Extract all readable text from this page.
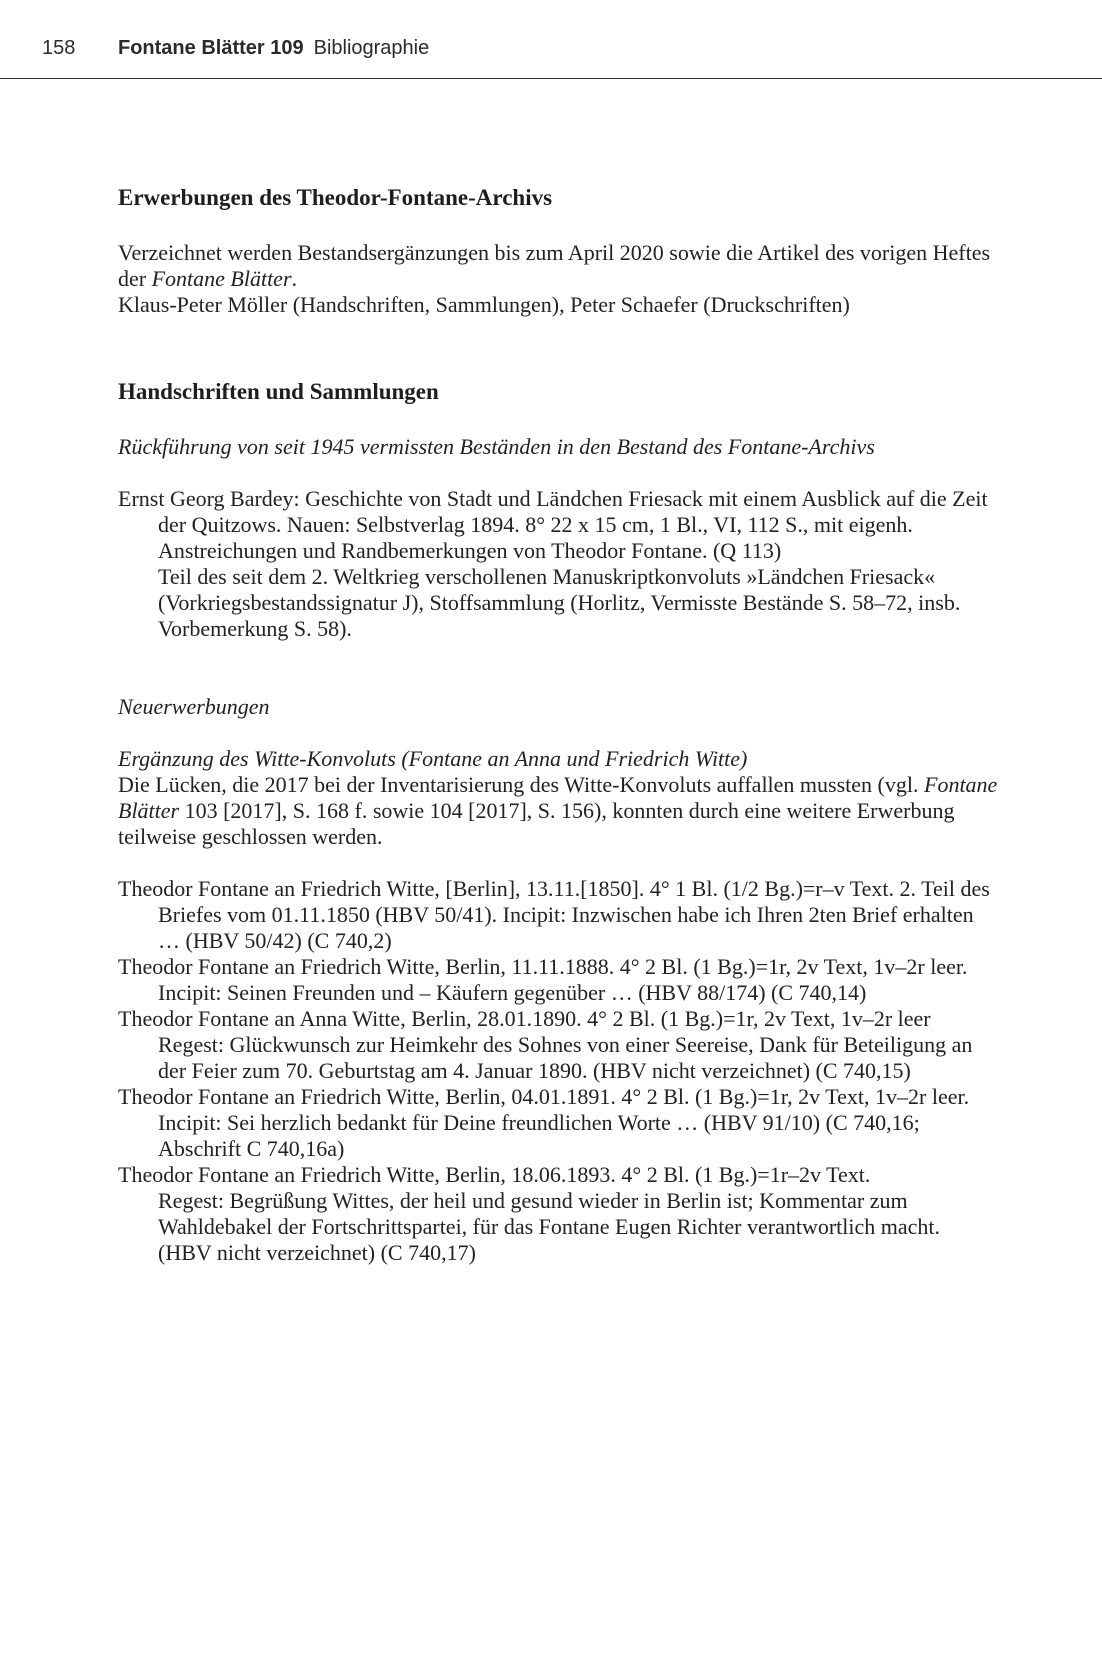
158 Fontane Blätter 109 Bibliographie
Erwerbungen des Theodor-Fontane-Archivs

Verzeichnet werden Bestandsergänzungen bis zum April 2020 sowie die Artikel des vorigen Heftes der Fontane Blätter.

Klaus-Peter Möller (Handschriften, Sammlungen), Peter Schaefer (Druckschriften)

Handschriften und Sammlungen

Rückführung von seit 1945 vermissten Beständen in den Bestand des Fontane-Archivs

Ernst Georg Bardey: Geschichte von Stadt und Ländchen Friesack mit einem Ausblick auf die Zeit der Quitzows. Nauen: Selbstverlag 1894. 8° 22 x 15 cm, 1 Bl., VI, 112 S., mit eigenh. Anstreichungen und Randbemerkungen von Theodor Fontane. (Q 113)

Teil des seit dem 2. Weltkrieg verschollenen Manuskriptkonvoluts »Ländchen Friesack« (Vorkriegsbestandssignatur J), Stoffsammlung (Horlitz, Vermisste Bestände S. 58–72, insb. Vorbemerkung S. 58).

Neuerwerbungen

Ergänzung des Witte-Konvoluts (Fontane an Anna und Friedrich Witte)

Die Lücken, die 2017 bei der Inventarisierung des Witte-Konvoluts auffallen mussten (vgl. Fontane Blätter 103 [2017], S. 168 f. sowie 104 [2017], S. 156), konnten durch eine weitere Erwerbung teilweise geschlossen werden.

Theodor Fontane an Friedrich Witte, [Berlin], 13.11.[1850]. 4° 1 Bl. (1/2 Bg.)=r–v Text. 2. Teil des Briefes vom 01.11.1850 (HBV 50/41). Incipit: Inzwischen habe ich Ihren 2ten Brief erhalten … (HBV 50/42) (C 740,2)

Theodor Fontane an Friedrich Witte, Berlin, 11.11.1888. 4° 2 Bl. (1 Bg.)=1r, 2v Text, 1v–2r leer. Incipit: Seinen Freunden und – Käufern gegenüber … (HBV 88/174) (C 740,14)

Theodor Fontane an Anna Witte, Berlin, 28.01.1890. 4° 2 Bl. (1 Bg.)=1r, 2v Text, 1v–2r leer

Regest: Glückwunsch zur Heimkehr des Sohnes von einer Seereise, Dank für Beteiligung an der Feier zum 70. Geburtstag am 4. Januar 1890. (HBV nicht verzeichnet) (C 740,15)

Theodor Fontane an Friedrich Witte, Berlin, 04.01.1891. 4° 2 Bl. (1 Bg.)=1r, 2v Text, 1v–2r leer. Incipit: Sei herzlich bedankt für Deine freundlichen Worte … (HBV 91/10) (C 740,16; Abschrift C 740,16a)

Theodor Fontane an Friedrich Witte, Berlin, 18.06.1893. 4° 2 Bl. (1 Bg.)=1r–2v Text.

Regest: Begrüßung Wittes, der heil und gesund wieder in Berlin ist; Kommentar zum Wahldebakel der Fortschrittspartei, für das Fontane Eugen Richter verantwortlich macht. (HBV nicht verzeichnet) (C 740,17)
